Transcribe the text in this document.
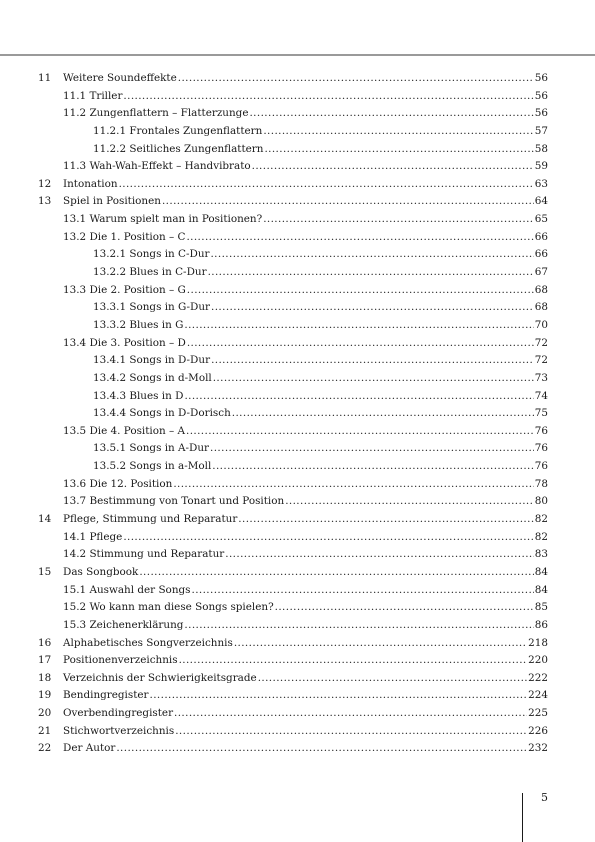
11 Weitere Soundeffekte .....	56
11.1 Triller .....	56
11.2 Zungenflattern – Flatterzunge .....	56
11.2.1 Frontales Zungenflattern .....	57
11.2.2 Seitliches Zungenflattern .....	58
11.3 Wah-Wah-Effekt – Handvibrato .....	59
12 Intonation .....	63
13 Spiel in Positionen .....	64
13.1 Warum spielt man in Positionen? .....	65
13.2 Die 1. Position – C .....	66
13.2.1 Songs in C-Dur .....	66
13.2.2 Blues in C-Dur .....	67
13.3 Die 2. Position – G .....	68
13.3.1 Songs in G-Dur .....	68
13.3.2 Blues in G .....	70
13.4 Die 3. Position – D .....	72
13.4.1 Songs in D-Dur .....	72
13.4.2 Songs in d-Moll .....	73
13.4.3 Blues in D .....	74
13.4.4 Songs in D-Dorisch .....	75
13.5 Die 4. Position – A .....	76
13.5.1 Songs in A-Dur .....	76
13.5.2 Songs in a-Moll .....	76
13.6 Die 12. Position .....	78
13.7 Bestimmung von Tonart und Position .....	80
14 Pflege, Stimmung und Reparatur .....	82
14.1 Pflege .....	82
14.2 Stimmung und Reparatur .....	83
15 Das Songbook .....	84
15.1 Auswahl der Songs .....	84
15.2 Wo kann man diese Songs spielen? .....	85
15.3 Zeichenerklärung .....	86
16 Alphabetisches Songverzeichnis .....	218
17 Positionenverzeichnis .....	220
18 Verzeichnis der Schwierigkeitsgrade .....	222
19 Bendingregister .....	224
20 Overbendingregister .....	225
21 Stichwortverzeichnis .....	226
22 Der Autor .....	232
5
